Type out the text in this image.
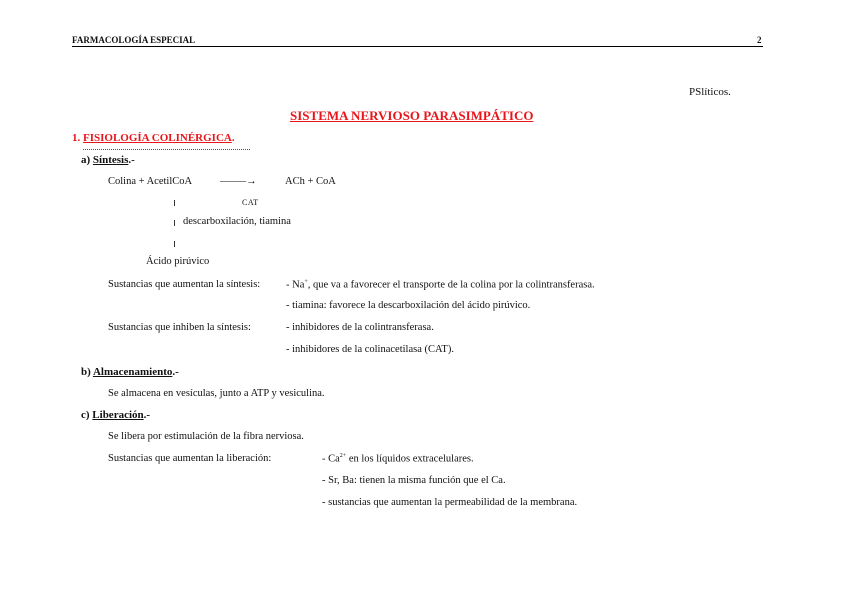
FARMACOLOGÍA ESPECIAL	2
PSlíticos.
SISTEMA NERVIOSO PARASIMPÁTICO
1. FISIOLOGÍA COLINÉRGICA.
a) Síntesis.-
Colina + AcetilCoA	–––––→	ACh + CoA
CAT
descarboxilación, tiamina
Ácido pirúvico
Sustancias que aumentan la síntesis: - Na+, que va a favorecer el transporte de la colina por la colintransferasa.
- tiamina: favorece la descarboxilación del ácido pirúvico.
Sustancias que inhiben la síntesis:	- inhibidores de la colintransferasa.
- inhibidores de la colinacetilasa (CAT).
b) Almacenamiento.-
Se almacena en vesículas, junto a ATP y vesiculina.
c) Liberación.-
Se libera por estimulación de la fibra nerviosa.
Sustancias que aumentan la liberación:	- $Ca^{2+}$ en los líquidos extracelulares.
- Sr, Ba: tienen la misma función que el Ca.
- sustancias que aumentan la permeabilidad de la membrana.
